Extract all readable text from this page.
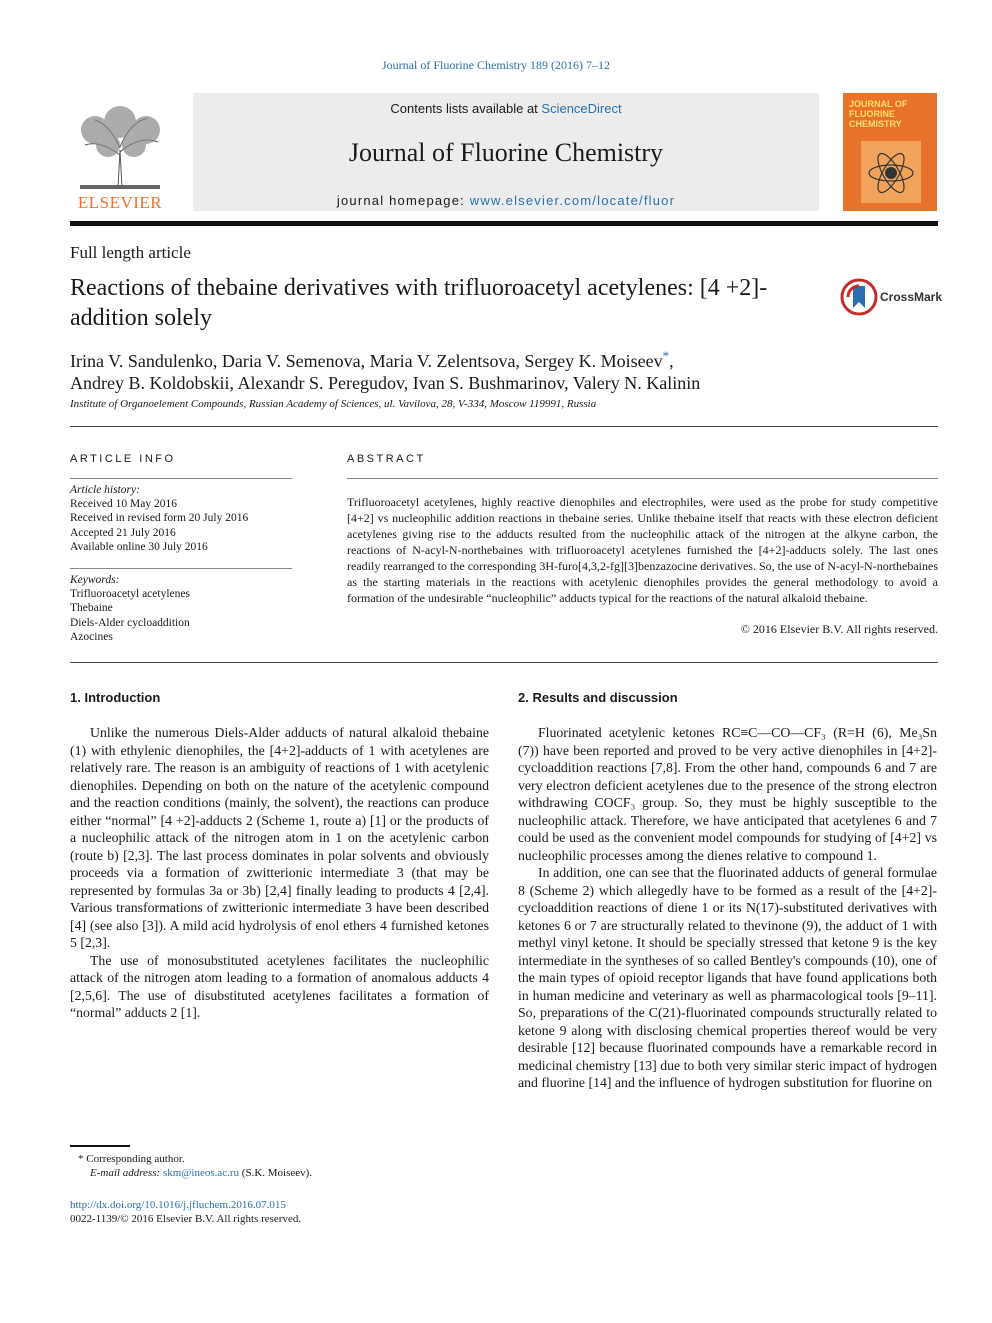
Journal of Fluorine Chemistry 189 (2016) 7–12
ELSEVIER
Contents lists available at ScienceDirect
Journal of Fluorine Chemistry
journal homepage: www.elsevier.com/locate/fluor
JOURNAL OF FLUORINE CHEMISTRY
Full length article
Reactions of thebaine derivatives with trifluoroacetyl acetylenes: [4 +2]-addition solely
CrossMark
Irina V. Sandulenko, Daria V. Semenova, Maria V. Zelentsova, Sergey K. Moiseev*,
Andrey B. Koldobskii, Alexandr S. Peregudov, Ivan S. Bushmarinov, Valery N. Kalinin
Institute of Organoelement Compounds, Russian Academy of Sciences, ul. Vavilova, 28, V-334, Moscow 119991, Russia
ARTICLE INFO
Article history:
Received 10 May 2016
Received in revised form 20 July 2016
Accepted 21 July 2016
Available online 30 July 2016
Keywords:
Trifluoroacetyl acetylenes
Thebaine
Diels-Alder cycloaddition
Azocines
ABSTRACT
Trifluoroacetyl acetylenes, highly reactive dienophiles and electrophiles, were used as the probe for study competitive [4+2] vs nucleophilic addition reactions in thebaine series. Unlike thebaine itself that reacts with these electron deficient acetylenes giving rise to the adducts resulted from the nucleophilic attack of the nitrogen at the alkyne carbon, the reactions of N-acyl-N-northebaines with trifluoroacetyl acetylenes furnished the [4+2]-adducts solely. The last ones readily rearranged to the corresponding 3H-furo[4,3,2-fg][3]benzazocine derivatives. So, the use of N-acyl-N-northebaines as the starting materials in the reactions with acetylenic dienophiles provides the general methodology to avoid a formation of the undesirable “nucleophilic” adducts typical for the reactions of the natural alkaloid thebaine.
© 2016 Elsevier B.V. All rights reserved.
1. Introduction

Unlike the numerous Diels-Alder adducts of natural alkaloid thebaine (1) with ethylenic dienophiles, the [4+2]-adducts of 1 with acetylenes are relatively rare. The reason is an ambiguity of reactions of 1 with acetylenic dienophiles. Depending on both on the nature of the acetylenic compound and the reaction conditions (mainly, the solvent), the reactions can produce either “normal” [4 +2]-adducts 2 (Scheme 1, route a) [1] or the products of a nucleophilic attack of the nitrogen atom in 1 on the acetylenic carbon (route b) [2,3]. The last process dominates in polar solvents and obviously proceeds via a formation of zwitterionic intermediate 3 (that may be represented by formulas 3a or 3b) [2,4] finally leading to products 4 [2,4]. Various transformations of zwitterionic intermediate 3 have been described [4] (see also [3]). A mild acid hydrolysis of enol ethers 4 furnished ketones 5 [2,3].

The use of monosubstituted acetylenes facilitates the nucleophilic attack of the nitrogen atom leading to a formation of anomalous adducts 4 [2,5,6]. The use of disubstituted acetylenes facilitates a formation of “normal” adducts 2 [1].

2. Results and discussion

Fluorinated acetylenic ketones RC≡C—CO—CF₃ (R=H (6), Me₃Sn (7)) have been reported and proved to be very active dienophiles in [4+2]-cycloaddition reactions [7,8]. From the other hand, compounds 6 and 7 are very electron deficient acetylenes due to the presence of the strong electron withdrawing COCF₃ group. So, they must be highly susceptible to the nucleophilic attack. Therefore, we have anticipated that acetylenes 6 and 7 could be used as the convenient model compounds for studying of [4+2] vs nucleophilic processes among the dienes relative to compound 1.

In addition, one can see that the fluorinated adducts of general formulae 8 (Scheme 2) which allegedly have to be formed as a result of the [4+2]-cycloaddition reactions of diene 1 or its N(17)-substituted derivatives with ketones 6 or 7 are structurally related to thevinone (9), the adduct of 1 with methyl vinyl ketone. It should be specially stressed that ketone 9 is the key intermediate in the syntheses of so called Bentley's compounds (10), one of the main types of opioid receptor ligands that have found applications both in human medicine and veterinary as well as pharmacological tools [9–11]. So, preparations of the C(21)-fluorinated compounds structurally related to ketone 9 along with disclosing chemical properties thereof would be very desirable [12] because fluorinated compounds have a remarkable record in medicinal chemistry [13] due to both very similar steric impact of hydrogen and fluorine [14] and the influence of hydrogen substitution for fluorine on

* Corresponding author.
E-mail address: skm@ineos.ac.ru (S.K. Moiseev).
http://dx.doi.org/10.1016/j.jfluchem.2016.07.015
0022-1139/© 2016 Elsevier B.V. All rights reserved.
